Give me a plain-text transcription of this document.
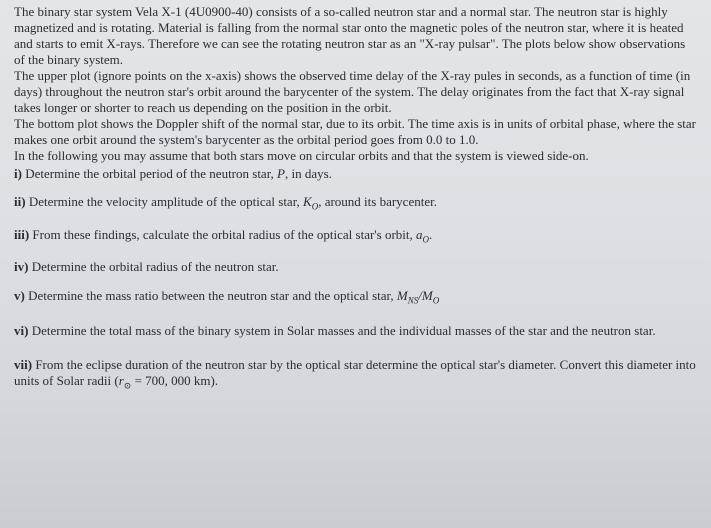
The binary star system Vela X-1 (4U0900-40) consists of a so-called neutron star and a normal star. The neutron star is highly magnetized and is rotating. Material is falling from the normal star onto the magnetic poles of the neutron star, where it is heated and starts to emit X-rays. Therefore we can see the rotating neutron star as an "X-ray pulsar". The plots below show observations of the binary system.

The upper plot (ignore points on the x-axis) shows the observed time delay of the X-ray pules in seconds, as a function of time (in days) throughout the neutron star's orbit around the barycenter of the system. The delay originates from the fact that X-ray signal takes longer or shorter to reach us depending on the position in the orbit.

The bottom plot shows the Doppler shift of the normal star, due to its orbit. The time axis is in units of orbital phase, where the star makes one orbit around the system's barycenter as the orbital period goes from 0.0 to 1.0.

In the following you may assume that both stars move on circular orbits and that the system is viewed side-on.

i) Determine the orbital period of the neutron star, P, in days.

ii) Determine the velocity amplitude of the optical star, $K_O$, around its barycenter.

iii) From these findings, calculate the orbital radius of the optical star's orbit, $a_O$.

iv) Determine the orbital radius of the neutron star.

v) Determine the mass ratio between the neutron star and the optical star, $M_{NS}/M_O$

vi) Determine the total mass of the binary system in Solar masses and the individual masses of the star and the neutron star.

vii) From the eclipse duration of the neutron star by the optical star determine the optical star's diameter. Convert this diameter into units of Solar radii ($r_⊙ = 700$, 000 km).
